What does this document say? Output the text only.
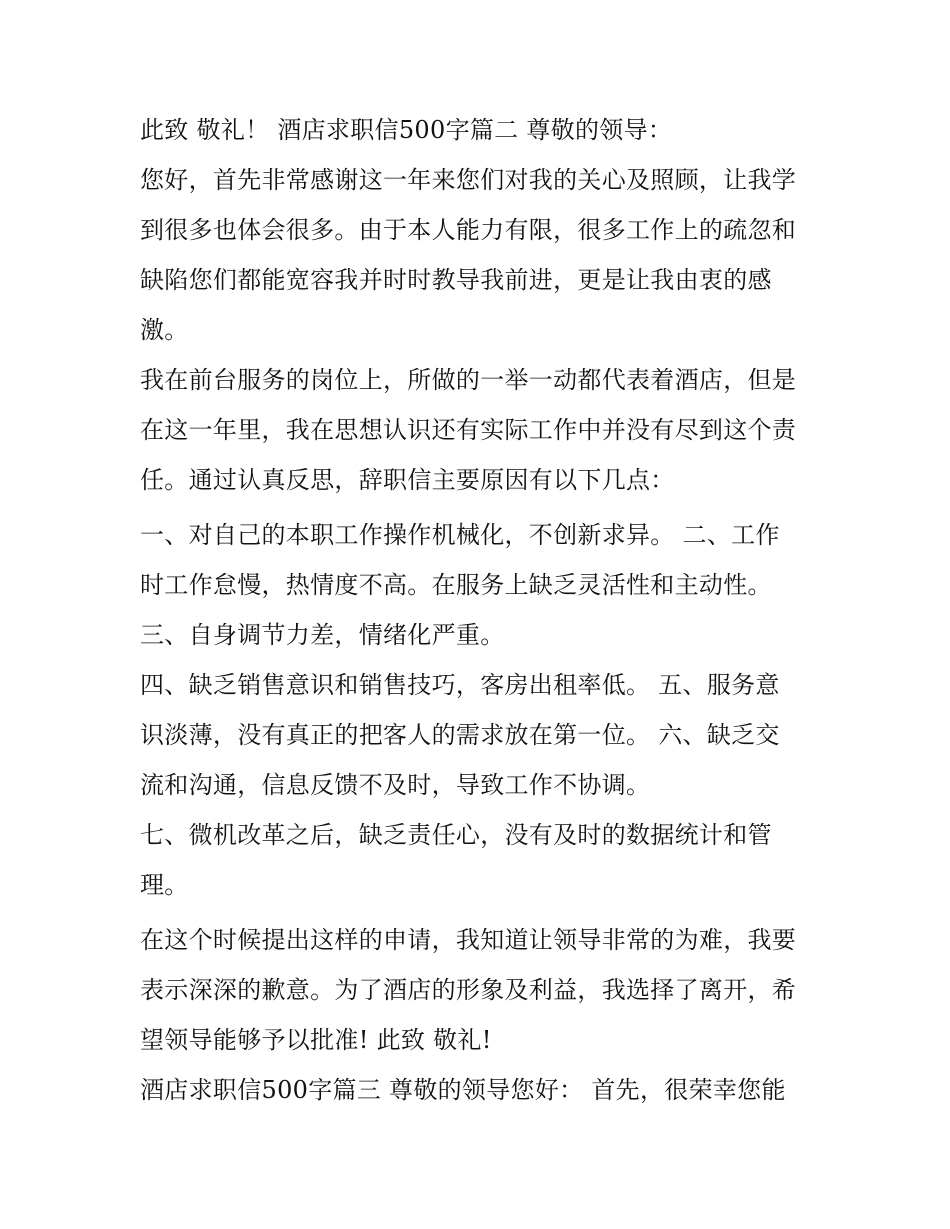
此致 敬礼！ 酒店求职信500字篇二 尊敬的领导：
您好，首先非常感谢这一年来您们对我的关心及照顾，让我学
到很多也体会很多。由于本人能力有限，很多工作上的疏忽和
缺陷您们都能宽容我并时时教导我前进，更是让我由衷的感
激。
我在前台服务的岗位上，所做的一举一动都代表着酒店，但是
在这一年里，我在思想认识还有实际工作中并没有尽到这个责
任。通过认真反思，辞职信主要原因有以下几点：
一、对自己的本职工作操作机械化，不创新求异。 二、工作
时工作怠慢，热情度不高。在服务上缺乏灵活性和主动性。
三、自身调节力差，情绪化严重。
四、缺乏销售意识和销售技巧，客房出租率低。 五、服务意
识淡薄，没有真正的把客人的需求放在第一位。 六、缺乏交
流和沟通，信息反馈不及时，导致工作不协调。
七、微机改革之后，缺乏责任心，没有及时的数据统计和管
理。
在这个时候提出这样的申请，我知道让领导非常的为难，我要
表示深深的歉意。为了酒店的形象及利益，我选择了离开，希
望领导能够予以批准! 此致 敬礼!
酒店求职信500字篇三 尊敬的领导您好： 首先，很荣幸您能
